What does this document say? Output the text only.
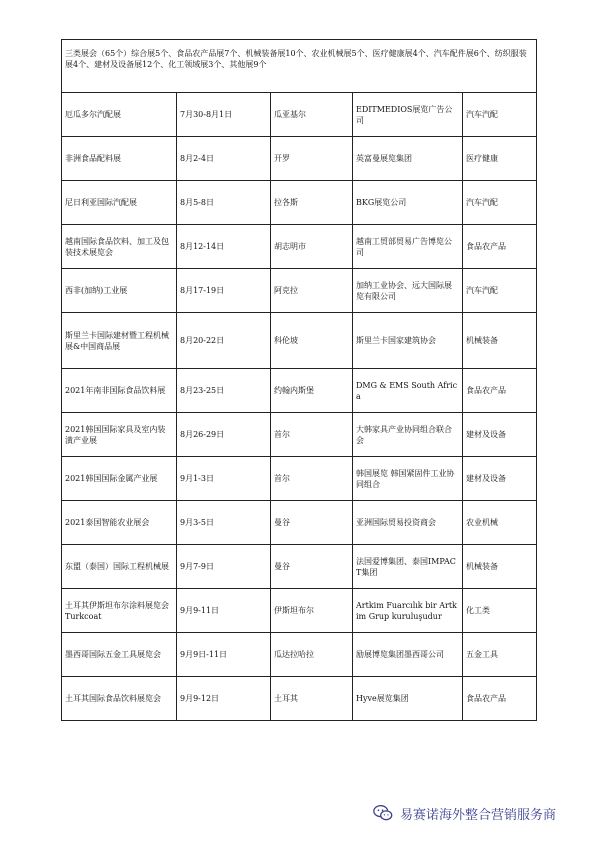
三类展会（65个）综合展5个、食品农产品展7个、机械装备展10个、农业机械展5个、医疗健康展4个、汽车配件展6个、纺织服装展4个、建材及设备展12个、化工领域展3个、其他展9个				
厄瓜多尔汽配展	7月30-8月1日	瓜亚基尔	EDITMEDIOS展览广告公司	汽车汽配
非洲食品配料展	8月2-4日	开罗	英富曼展览集团	医疗健康
尼日利亚国际汽配展	8月5-8日	拉各斯	BKG展览公司	汽车汽配
越南国际食品饮料、加工及包装技术展览会	8月12-14日	胡志明市	越南工贸部贸易广告博览公司	食品农产品
西非(加纳)工业展	8月17-19日	阿克拉	加纳工业协会、远大国际展览有限公司	汽车汽配
斯里兰卡国际建材暨工程机械展&中国商品展	8月20-22日	科伦坡	斯里兰卡国家建筑协会	机械装备
2021年南非国际食品饮料展	8月23-25日	约翰内斯堡	DMG & EMS South Africa	食品农产品
2021韩国国际家具及室内装潢产业展	8月26-29日	首尔	大韩家具产业协同组合联合会	建材及设备
2021韩国国际金属产业展	9月1-3日	首尔	韩国展览 韩国紧固件工业协同组合	建材及设备
2021泰国智能农业展会	9月3-5日	曼谷	亚洲国际贸易投资商会	农业机械
东盟（泰国）国际工程机械展	9月7-9日	曼谷	法国爱博集团、泰国IMPACT集团	机械装备
土耳其伊斯坦布尔涂料展览会Turkcoat	9月9-11日	伊斯坦布尔	Artkim Fuarcılık bir Artkim Grup kuruluşudur	化工类
墨西哥国际五金工具展览会	9月9日-11日	瓜达拉哈拉	励展博览集团墨西哥公司	五金工具
土耳其国际食品饮料展览会	9月9-12日	土耳其	Hyve展览集团	食品农产品
易赛诺海外整合营销服务商
